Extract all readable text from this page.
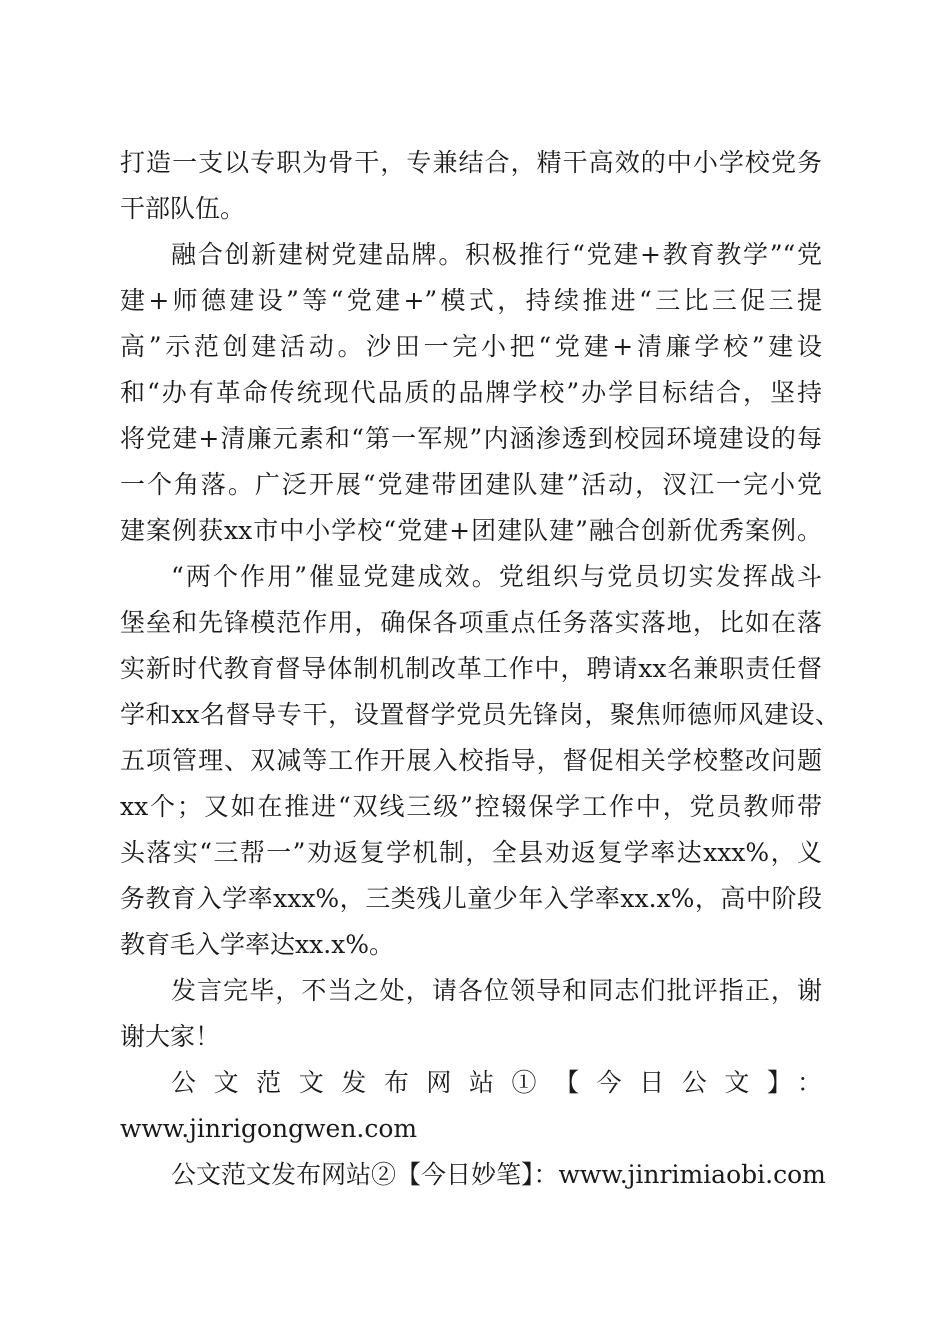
打造一支以专职为骨干，专兼结合，精干高效的中小学校党务
干部队伍。
融合创新建树党建品牌。积极推行“党建+教育教学”“党
建+师德建设”等“党建+”模式，持续推进“三比三促三提
高”示范创建活动。沙田一完小把“党建+清廉学校”建设
和“办有革命传统现代品质的品牌学校”办学目标结合，坚持
将党建+清廉元素和“第一军规”内涵渗透到校园环境建设的每
一个角落。广泛开展“党建带团建队建”活动，汊江一完小党
建案例获xx市中小学校“党建+团建队建”融合创新优秀案例。
“两个作用”催显党建成效。党组织与党员切实发挥战斗
堡垒和先锋模范作用，确保各项重点任务落实落地，比如在落
实新时代教育督导体制机制改革工作中，聘请xx名兼职责任督
学和xx名督导专干，设置督学党员先锋岗，聚焦师德师风建设、
五项管理、双减等工作开展入校指导，督促相关学校整改问题
xx个；又如在推进“双线三级”控辍保学工作中，党员教师带
头落实“三帮一”劝返复学机制，全县劝返复学率达xxx%，义
务教育入学率xxx%，三类残儿童少年入学率xx.x%，高中阶段
教育毛入学率达xx.x%。
发言完毕，不当之处，请各位领导和同志们批评指正，谢
谢大家！
公文范文发布网站①【今日公文】：
www.jinrigongwen.com
公文范文发布网站②【今日妙笔】：www.jinrimiaobi.com
